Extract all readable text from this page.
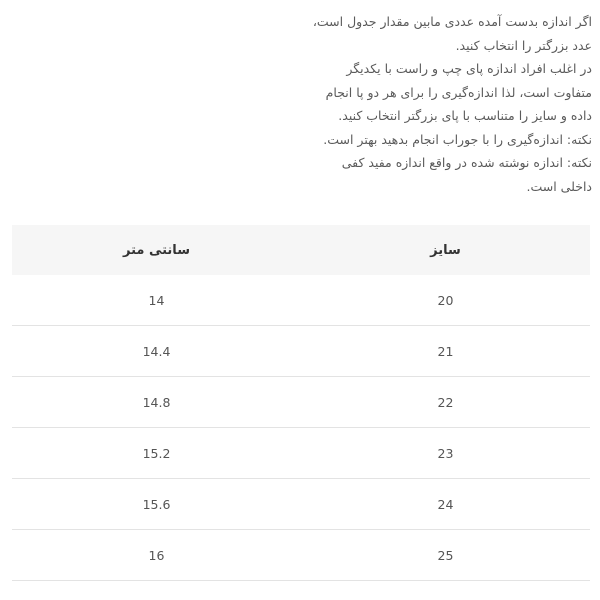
اگر اندازه بدست آمده عددی مابین مقدار جدول است،
عدد بزرگتر را انتخاب کنید.
در اغلب افراد اندازه پای چپ و راست با یکدیگر
متفاوت است، لذا اندازه‌گیری را برای هر دو پا انجام
داده و سایز را متناسب با پای بزرگتر انتخاب کنید.
نکته: اندازه‌گیری را با جوراب انجام بدهید بهتر است.
نکته: اندازه نوشته شده در واقع اندازه مفید کفی
داخلی است.
سایز	سانتی متر
20	14
21	14.4
22	14.8
23	15.2
24	15.6
25	16
